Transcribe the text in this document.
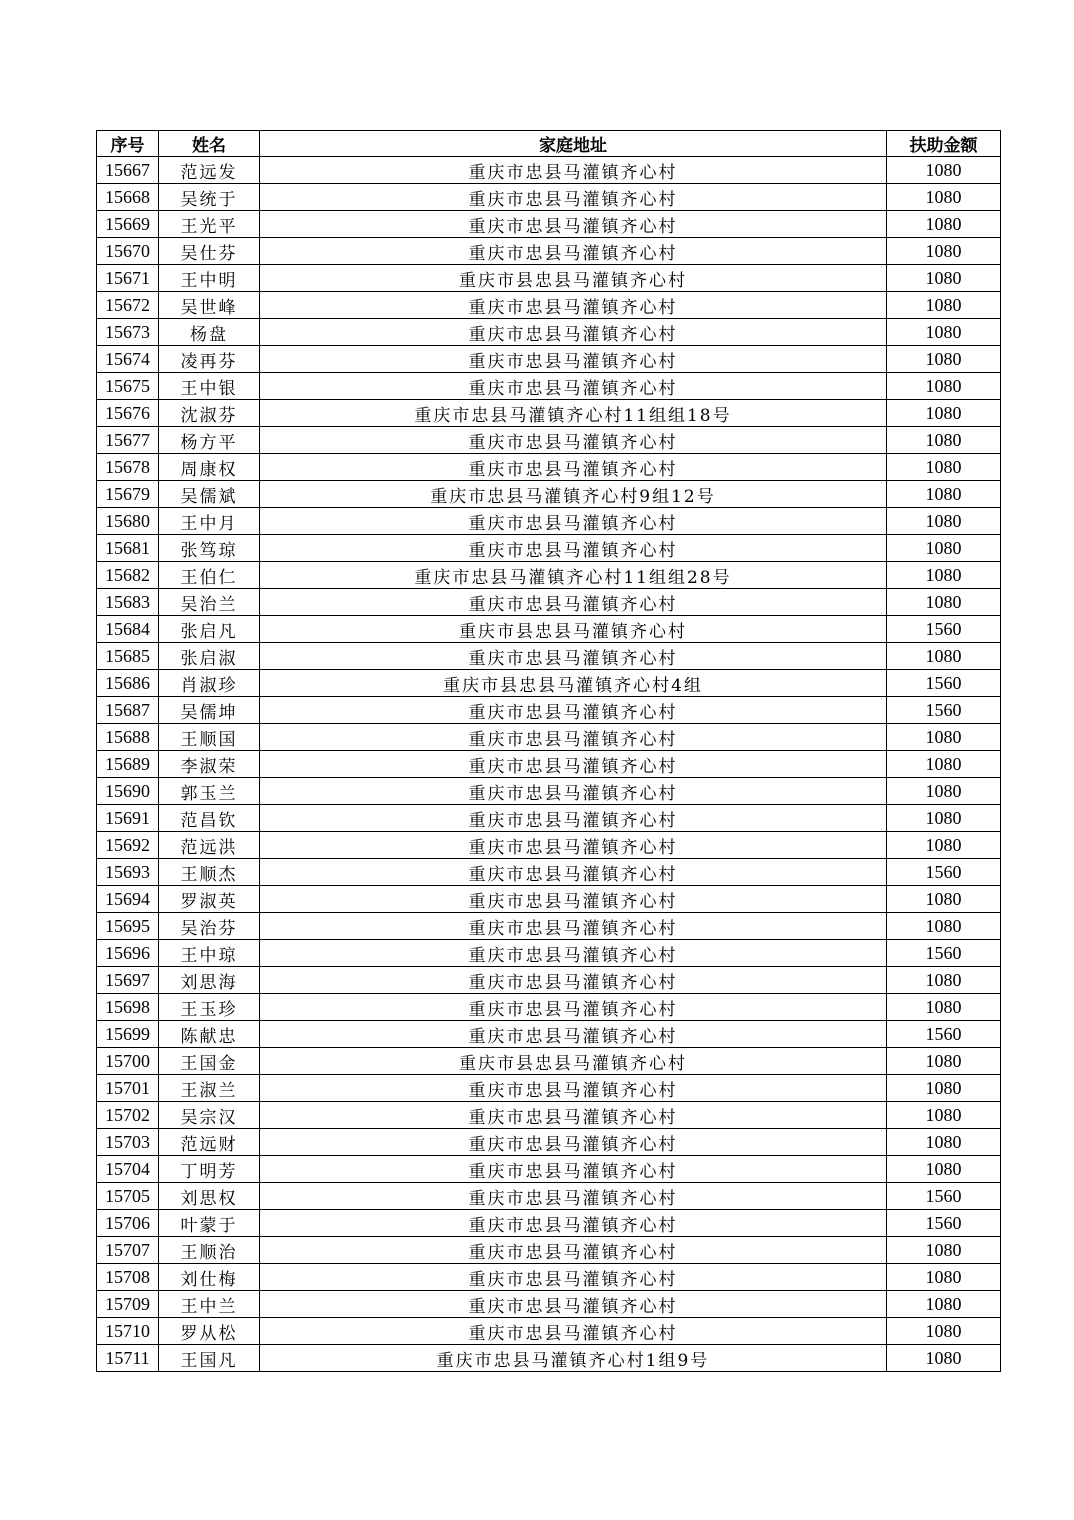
序号	姓名	家庭地址	扶助金额
15667	范远发	重庆市忠县马灌镇齐心村	1080
15668	吴统于	重庆市忠县马灌镇齐心村	1080
15669	王光平	重庆市忠县马灌镇齐心村	1080
15670	吴仕芬	重庆市忠县马灌镇齐心村	1080
15671	王中明	重庆市县忠县马灌镇齐心村	1080
15672	吴世峰	重庆市忠县马灌镇齐心村	1080
15673	杨盘	重庆市忠县马灌镇齐心村	1080
15674	凌再芬	重庆市忠县马灌镇齐心村	1080
15675	王中银	重庆市忠县马灌镇齐心村	1080
15676	沈淑芬	重庆市忠县马灌镇齐心村11组组18号	1080
15677	杨方平	重庆市忠县马灌镇齐心村	1080
15678	周康权	重庆市忠县马灌镇齐心村	1080
15679	吴儒斌	重庆市忠县马灌镇齐心村9组12号	1080
15680	王中月	重庆市忠县马灌镇齐心村	1080
15681	张笃琼	重庆市忠县马灌镇齐心村	1080
15682	王伯仁	重庆市忠县马灌镇齐心村11组组28号	1080
15683	吴治兰	重庆市忠县马灌镇齐心村	1080
15684	张启凡	重庆市县忠县马灌镇齐心村	1560
15685	张启淑	重庆市忠县马灌镇齐心村	1080
15686	肖淑珍	重庆市县忠县马灌镇齐心村4组	1560
15687	吴儒坤	重庆市忠县马灌镇齐心村	1560
15688	王顺国	重庆市忠县马灌镇齐心村	1080
15689	李淑荣	重庆市忠县马灌镇齐心村	1080
15690	郭玉兰	重庆市忠县马灌镇齐心村	1080
15691	范昌钦	重庆市忠县马灌镇齐心村	1080
15692	范远洪	重庆市忠县马灌镇齐心村	1080
15693	王顺杰	重庆市忠县马灌镇齐心村	1560
15694	罗淑英	重庆市忠县马灌镇齐心村	1080
15695	吴治芬	重庆市忠县马灌镇齐心村	1080
15696	王中琼	重庆市忠县马灌镇齐心村	1560
15697	刘思海	重庆市忠县马灌镇齐心村	1080
15698	王玉珍	重庆市忠县马灌镇齐心村	1080
15699	陈献忠	重庆市忠县马灌镇齐心村	1560
15700	王国金	重庆市县忠县马灌镇齐心村	1080
15701	王淑兰	重庆市忠县马灌镇齐心村	1080
15702	吴宗汉	重庆市忠县马灌镇齐心村	1080
15703	范远财	重庆市忠县马灌镇齐心村	1080
15704	丁明芳	重庆市忠县马灌镇齐心村	1080
15705	刘思权	重庆市忠县马灌镇齐心村	1560
15706	叶蒙于	重庆市忠县马灌镇齐心村	1560
15707	王顺治	重庆市忠县马灌镇齐心村	1080
15708	刘仕梅	重庆市忠县马灌镇齐心村	1080
15709	王中兰	重庆市忠县马灌镇齐心村	1080
15710	罗从松	重庆市忠县马灌镇齐心村	1080
15711	王国凡	重庆市忠县马灌镇齐心村1组9号	1080
